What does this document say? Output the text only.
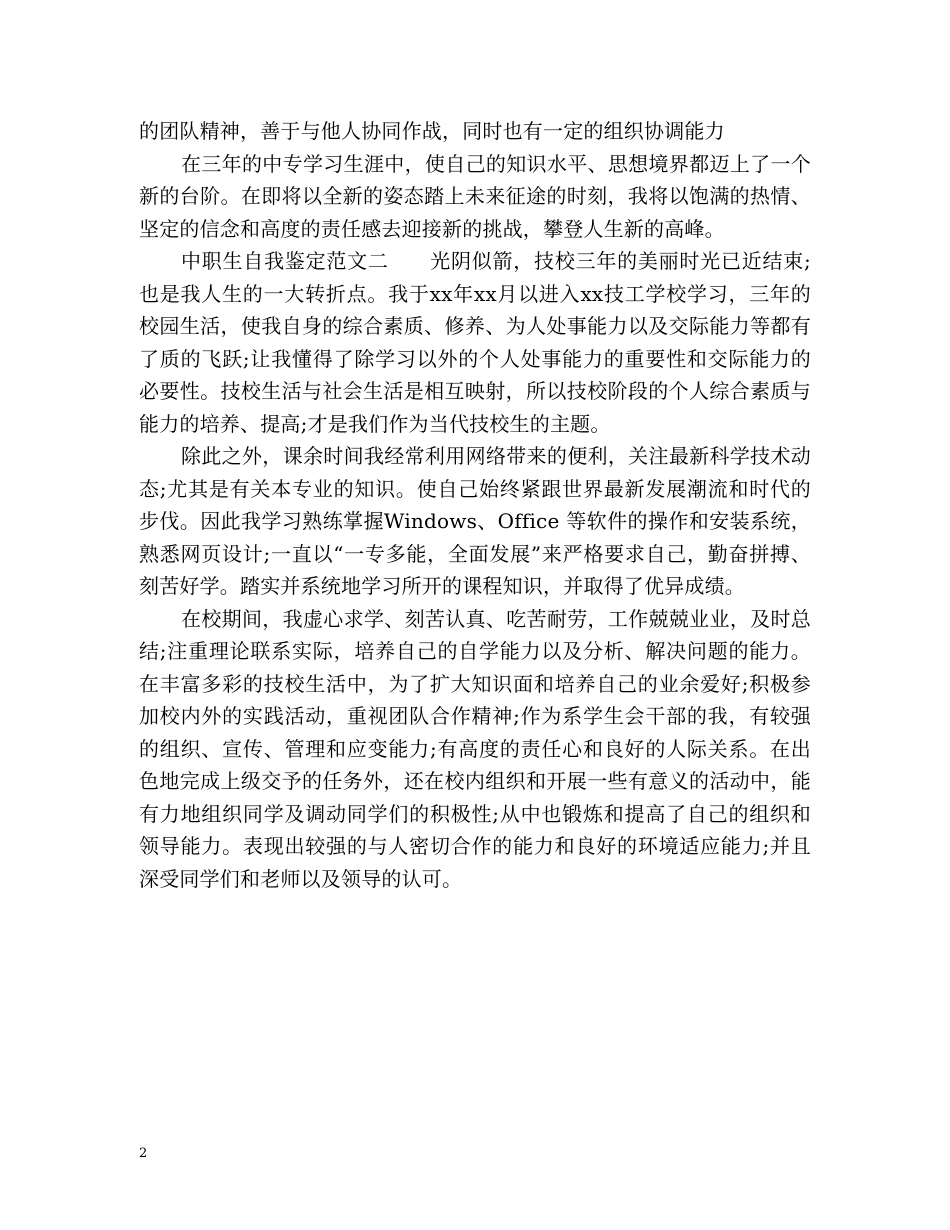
的团队精神，善于与他人协同作战，同时也有一定的组织协调能力

在三年的中专学习生涯中，使自己的知识水平、思想境界都迈上了一个新的台阶。在即将以全新的姿态踏上未来征途的时刻，我将以饱满的热情、坚定的信念和高度的责任感去迎接新的挑战，攀登人生新的高峰。

中职生自我鉴定范文二　　光阴似箭，技校三年的美丽时光已近结束;也是我人生的一大转折点。我于xx年xx月以进入xx技工学校学习，三年的校园生活，使我自身的综合素质、修养、为人处事能力以及交际能力等都有了质的飞跃;让我懂得了除学习以外的个人处事能力的重要性和交际能力的必要性。技校生活与社会生活是相互映射，所以技校阶段的个人综合素质与能力的培养、提高;才是我们作为当代技校生的主题。

除此之外，课余时间我经常利用网络带来的便利，关注最新科学技术动态;尤其是有关本专业的知识。使自己始终紧跟世界最新发展潮流和时代的步伐。因此我学习熟练掌握Windows、Office 等软件的操作和安装系统，熟悉网页设计;一直以“一专多能，全面发展”来严格要求自己，勤奋拼搏、刻苦好学。踏实并系统地学习所开的课程知识，并取得了优异成绩。

在校期间，我虚心求学、刻苦认真、吃苦耐劳，工作兢兢业业，及时总结;注重理论联系实际，培养自己的自学能力以及分析、解决问题的能力。在丰富多彩的技校生活中，为了扩大知识面和培养自己的业余爱好;积极参加校内外的实践活动，重视团队合作精神;作为系学生会干部的我，有较强的组织、宣传、管理和应变能力;有高度的责任心和良好的人际关系。在出色地完成上级交予的任务外，还在校内组织和开展一些有意义的活动中，能有力地组织同学及调动同学们的积极性;从中也锻炼和提高了自己的组织和领导能力。表现出较强的与人密切合作的能力和良好的环境适应能力;并且深受同学们和老师以及领导的认可。

2
